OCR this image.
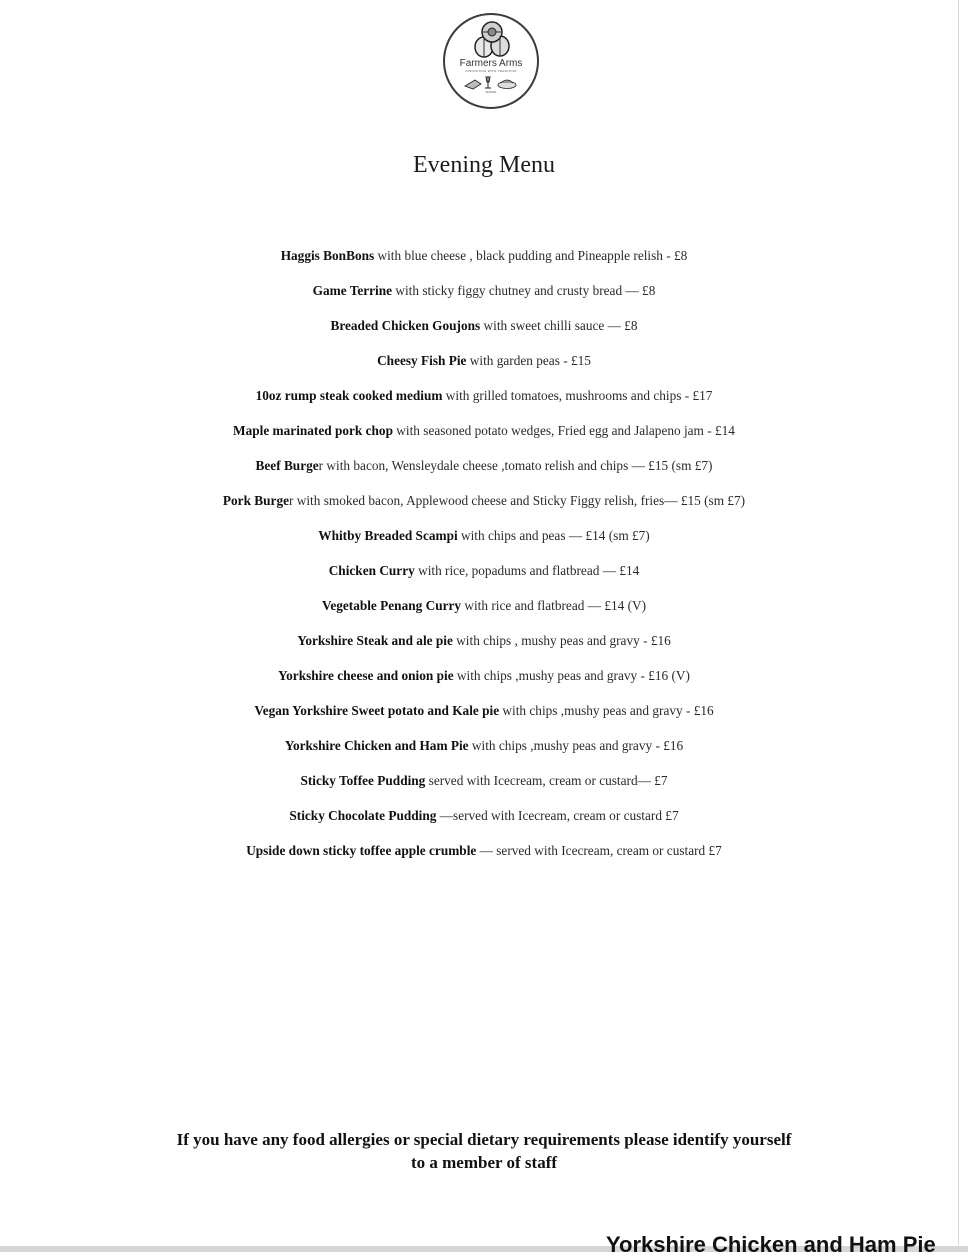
Farmers Arms
INNOVATING WITH TRADITION
MUKER
Evening Menu
Haggis BonBons with blue cheese , black pudding and Pineapple relish - £8
Game Terrine with sticky figgy chutney and crusty bread — £8
Breaded Chicken Goujons with sweet chilli sauce — £8
Cheesy Fish Pie with garden peas - £15
10oz rump steak cooked medium with grilled tomatoes, mushrooms and chips - £17
Maple marinated pork chop with seasoned potato wedges, Fried egg and Jalapeno jam - £14
Beef Burger with bacon, Wensleydale cheese ,tomato relish and chips — £15 (sm £7)
Pork Burger with smoked bacon, Applewood cheese and Sticky Figgy relish, fries— £15 (sm £7)
Whitby Breaded Scampi with chips and peas — £14 (sm £7)
Chicken Curry with rice, popadums and flatbread — £14
Vegetable Penang Curry with rice and flatbread — £14 (V)
Yorkshire Steak and ale pie with chips , mushy peas and gravy - £16
Yorkshire cheese and onion pie with chips ,mushy peas and gravy - £16 (V)
Vegan Yorkshire Sweet potato and Kale pie with chips ,mushy peas and gravy - £16
Yorkshire Chicken and Ham Pie with chips ,mushy peas and gravy - £16
Sticky Toffee Pudding served with Icecream, cream or custard— £7
Sticky Chocolate Pudding —served with Icecream, cream or custard £7
Upside down sticky toffee apple crumble — served with Icecream, cream or custard £7

If you have any food allergies or special dietary requirements please identify yourself
to a member of staff

Yorkshire Chicken and Ham Pie
